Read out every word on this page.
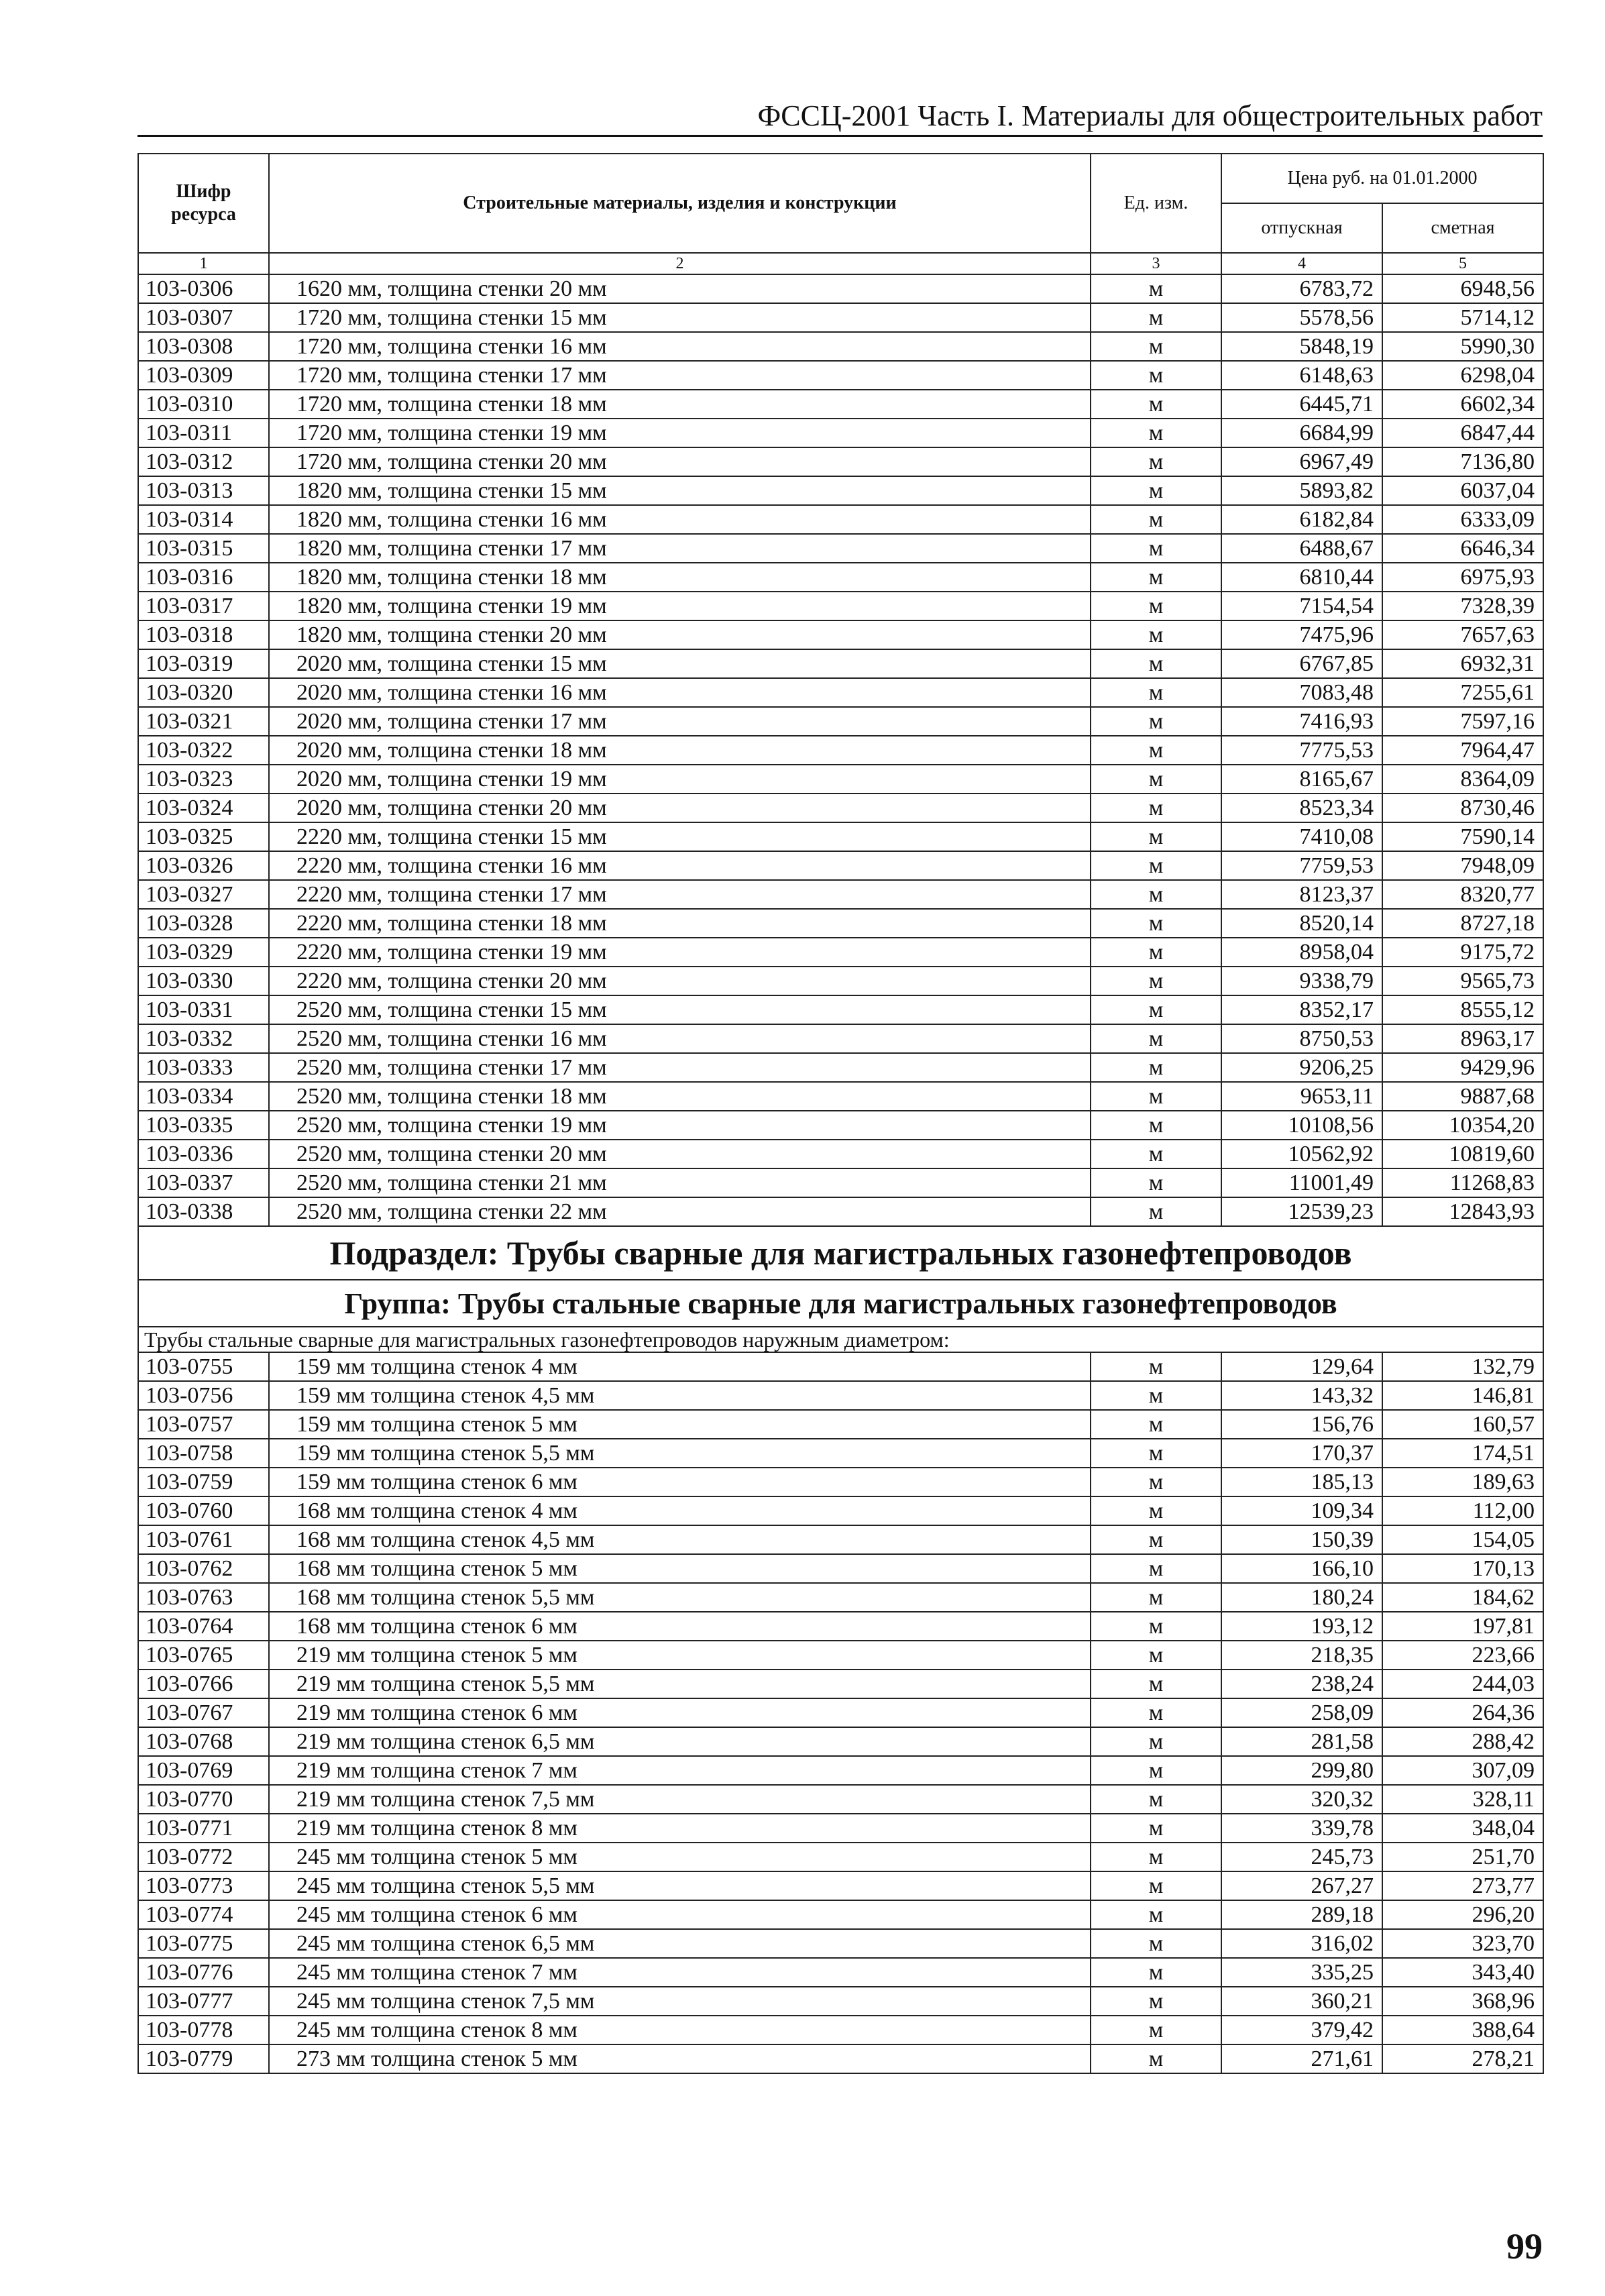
ФССЦ-2001 Часть I. Материалы для общестроительных работ
Шифр ресурса	Строительные материалы, изделия и конструкции	Ед. изм.	Цена руб. на 01.01.2000	
			отпускная	сметная
1	2	3	4	5
103-0306	1620 мм, толщина стенки 20 мм	м	6783,72	6948,56
103-0307	1720 мм, толщина стенки 15 мм	м	5578,56	5714,12
103-0308	1720 мм, толщина стенки 16 мм	м	5848,19	5990,30
103-0309	1720 мм, толщина стенки 17 мм	м	6148,63	6298,04
103-0310	1720 мм, толщина стенки 18 мм	м	6445,71	6602,34
103-0311	1720 мм, толщина стенки 19 мм	м	6684,99	6847,44
103-0312	1720 мм, толщина стенки 20 мм	м	6967,49	7136,80
103-0313	1820 мм, толщина стенки 15 мм	м	5893,82	6037,04
103-0314	1820 мм, толщина стенки 16 мм	м	6182,84	6333,09
103-0315	1820 мм, толщина стенки 17 мм	м	6488,67	6646,34
103-0316	1820 мм, толщина стенки 18 мм	м	6810,44	6975,93
103-0317	1820 мм, толщина стенки 19 мм	м	7154,54	7328,39
103-0318	1820 мм, толщина стенки 20 мм	м	7475,96	7657,63
103-0319	2020 мм, толщина стенки 15 мм	м	6767,85	6932,31
103-0320	2020 мм, толщина стенки 16 мм	м	7083,48	7255,61
103-0321	2020 мм, толщина стенки 17 мм	м	7416,93	7597,16
103-0322	2020 мм, толщина стенки 18 мм	м	7775,53	7964,47
103-0323	2020 мм, толщина стенки 19 мм	м	8165,67	8364,09
103-0324	2020 мм, толщина стенки 20 мм	м	8523,34	8730,46
103-0325	2220 мм, толщина стенки 15 мм	м	7410,08	7590,14
103-0326	2220 мм, толщина стенки 16 мм	м	7759,53	7948,09
103-0327	2220 мм, толщина стенки 17 мм	м	8123,37	8320,77
103-0328	2220 мм, толщина стенки 18 мм	м	8520,14	8727,18
103-0329	2220 мм, толщина стенки 19 мм	м	8958,04	9175,72
103-0330	2220 мм, толщина стенки 20 мм	м	9338,79	9565,73
103-0331	2520 мм, толщина стенки 15 мм	м	8352,17	8555,12
103-0332	2520 мм, толщина стенки 16 мм	м	8750,53	8963,17
103-0333	2520 мм, толщина стенки 17 мм	м	9206,25	9429,96
103-0334	2520 мм, толщина стенки 18 мм	м	9653,11	9887,68
103-0335	2520 мм, толщина стенки 19 мм	м	10108,56	10354,20
103-0336	2520 мм, толщина стенки 20 мм	м	10562,92	10819,60
103-0337	2520 мм, толщина стенки 21 мм	м	11001,49	11268,83
103-0338	2520 мм, толщина стенки 22 мм	м	12539,23	12843,93
Подраздел: Трубы сварные для магистральных газонефтепроводов				
Группа: Трубы стальные сварные для магистральных газонефтепроводов				
Трубы стальные сварные для магистральных газонефтепроводов наружным диаметром:				
103-0755	159 мм толщина стенок 4 мм	м	129,64	132,79
103-0756	159 мм толщина стенок 4,5 мм	м	143,32	146,81
103-0757	159 мм толщина стенок 5 мм	м	156,76	160,57
103-0758	159 мм толщина стенок 5,5 мм	м	170,37	174,51
103-0759	159 мм толщина стенок 6 мм	м	185,13	189,63
103-0760	168 мм толщина стенок 4 мм	м	109,34	112,00
103-0761	168 мм толщина стенок 4,5 мм	м	150,39	154,05
103-0762	168 мм толщина стенок 5 мм	м	166,10	170,13
103-0763	168 мм толщина стенок 5,5 мм	м	180,24	184,62
103-0764	168 мм толщина стенок 6 мм	м	193,12	197,81
103-0765	219 мм толщина стенок 5 мм	м	218,35	223,66
103-0766	219 мм толщина стенок 5,5 мм	м	238,24	244,03
103-0767	219 мм толщина стенок 6 мм	м	258,09	264,36
103-0768	219 мм толщина стенок 6,5 мм	м	281,58	288,42
103-0769	219 мм толщина стенок 7 мм	м	299,80	307,09
103-0770	219 мм толщина стенок 7,5 мм	м	320,32	328,11
103-0771	219 мм толщина стенок 8 мм	м	339,78	348,04
103-0772	245 мм толщина стенок 5 мм	м	245,73	251,70
103-0773	245 мм толщина стенок 5,5 мм	м	267,27	273,77
103-0774	245 мм толщина стенок 6 мм	м	289,18	296,20
103-0775	245 мм толщина стенок 6,5 мм	м	316,02	323,70
103-0776	245 мм толщина стенок 7 мм	м	335,25	343,40
103-0777	245 мм толщина стенок 7,5 мм	м	360,21	368,96
103-0778	245 мм толщина стенок 8 мм	м	379,42	388,64
103-0779	273 мм толщина стенок 5 мм	м	271,61	278,21
99
